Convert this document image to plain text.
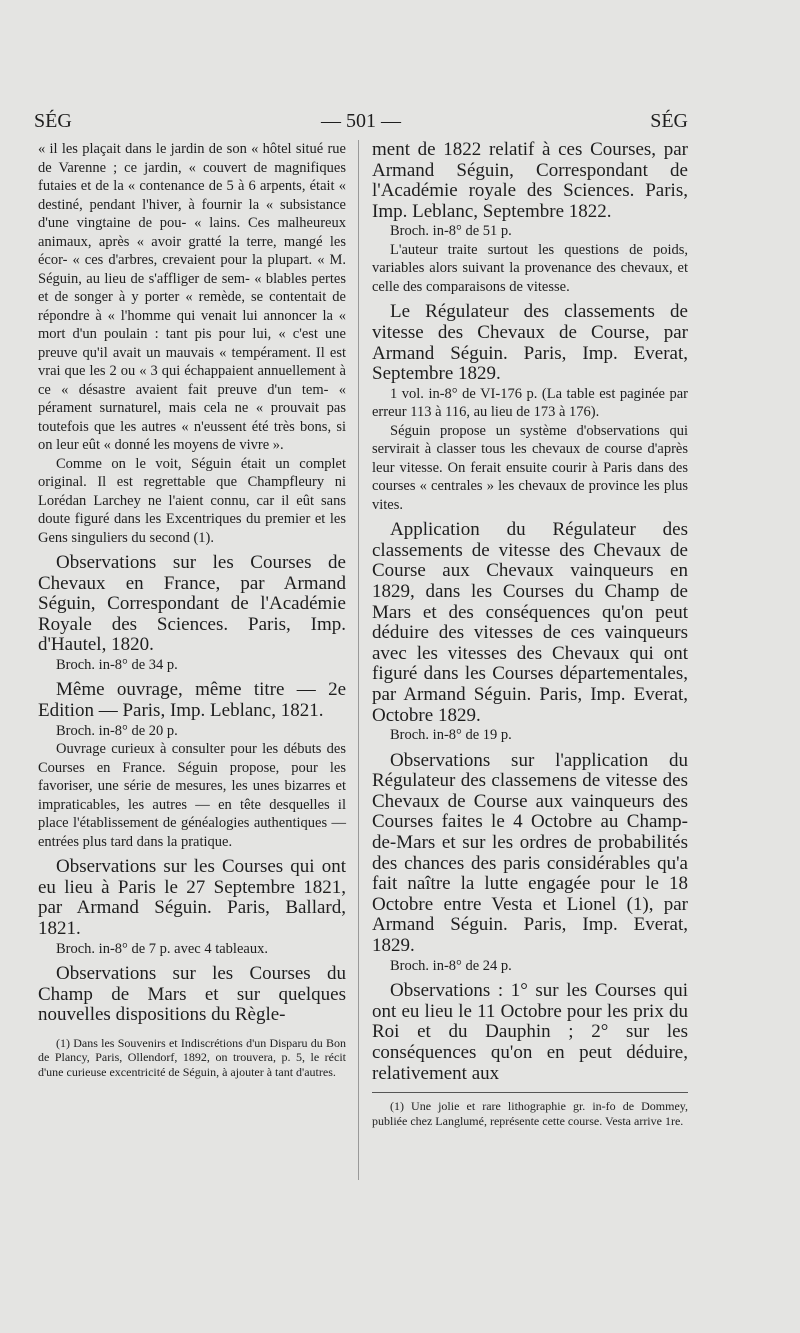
SÉG	— 501 —	SÉG

« il les plaçait dans le jardin de son « hôtel situé rue de Varenne ; ce jardin, « couvert de magnifiques futaies et de la « contenance de 5 à 6 arpents, était « destiné, pendant l'hiver, à fournir la « subsistance d'une vingtaine de pou- « lains. Ces malheureux animaux, après « avoir gratté la terre, mangé les écor- « ces d'arbres, crevaient pour la plupart. « M. Séguin, au lieu de s'affliger de sem- « blables pertes et de songer à y porter « remède, se contentait de répondre à « l'homme qui venait lui annoncer la « mort d'un poulain : tant pis pour lui, « c'est une preuve qu'il avait un mauvais « tempérament. Il est vrai que les 2 ou « 3 qui échappaient annuellement à ce « désastre avaient fait preuve d'un tem- « pérament surnaturel, mais cela ne « prouvait pas toutefois que les autres « n'eussent été très bons, si on leur eût « donné les moyens de vivre ».

Comme on le voit, Séguin était un complet original. Il est regrettable que Champfleury ni Lorédan Larchey ne l'aient connu, car il eût sans doute figuré dans les Excentriques du premier et les Gens singuliers du second (1).

Observations sur les Courses de Chevaux en France, par Armand Séguin, Correspondant de l'Académie Royale des Sciences. Paris, Imp. d'Hautel, 1820.

Broch. in-8° de 34 p.

Même ouvrage, même titre — 2e Edition — Paris, Imp. Leblanc, 1821.

Broch. in-8° de 20 p.

Ouvrage curieux à consulter pour les débuts des Courses en France. Séguin propose, pour les favoriser, une série de mesures, les unes bizarres et impraticables, les autres — en tête desquelles il place l'établissement de généalogies authentiques — entrées plus tard dans la pratique.

Observations sur les Courses qui ont eu lieu à Paris le 27 Septembre 1821, par Armand Séguin. Paris, Ballard, 1821.

Broch. in-8° de 7 p. avec 4 tableaux.

Observations sur les Courses du Champ de Mars et sur quelques nouvelles dispositions du Règle-

(1) Dans les Souvenirs et Indiscrétions d'un Disparu du Bon de Plancy, Paris, Ollendorf, 1892, on trouvera, p. 5, le récit d'une curieuse excentricité de Séguin, à ajouter à tant d'autres.

ment de 1822 relatif à ces Courses, par Armand Séguin, Correspondant de l'Académie royale des Sciences. Paris, Imp. Leblanc, Septembre 1822.

Broch. in-8° de 51 p.

L'auteur traite surtout les questions de poids, variables alors suivant la provenance des chevaux, et celle des comparaisons de vitesse.

Le Régulateur des classements de vitesse des Chevaux de Course, par Armand Séguin. Paris, Imp. Everat, Septembre 1829.

1 vol. in-8° de VI-176 p. (La table est paginée par erreur 113 à 116, au lieu de 173 à 176).

Séguin propose un système d'observations qui servirait à classer tous les chevaux de course d'après leur vitesse. On ferait ensuite courir à Paris dans des courses « centrales » les chevaux de province les plus vites.

Application du Régulateur des classements de vitesse des Chevaux de Course aux Chevaux vainqueurs en 1829, dans les Courses du Champ de Mars et des conséquences qu'on peut déduire des vitesses de ces vainqueurs avec les vitesses des Chevaux qui ont figuré dans les Courses départementales, par Armand Séguin. Paris, Imp. Everat, Octobre 1829.

Broch. in-8° de 19 p.

Observations sur l'application du Régulateur des classemens de vitesse des Chevaux de Course aux vainqueurs des Courses faites le 4 Octobre au Champ-de-Mars et sur les ordres de probabilités des chances des paris considérables qu'a fait naître la lutte engagée pour le 18 Octobre entre Vesta et Lionel (1), par Armand Séguin. Paris, Imp. Everat, 1829.

Broch. in-8° de 24 p.

Observations : 1° sur les Courses qui ont eu lieu le 11 Octobre pour les prix du Roi et du Dauphin ; 2° sur les conséquences qu'on en peut déduire, relativement aux

(1) Une jolie et rare lithographie gr. in-fo de Dommey, publiée chez Langlumé, représente cette course. Vesta arrive 1re.
